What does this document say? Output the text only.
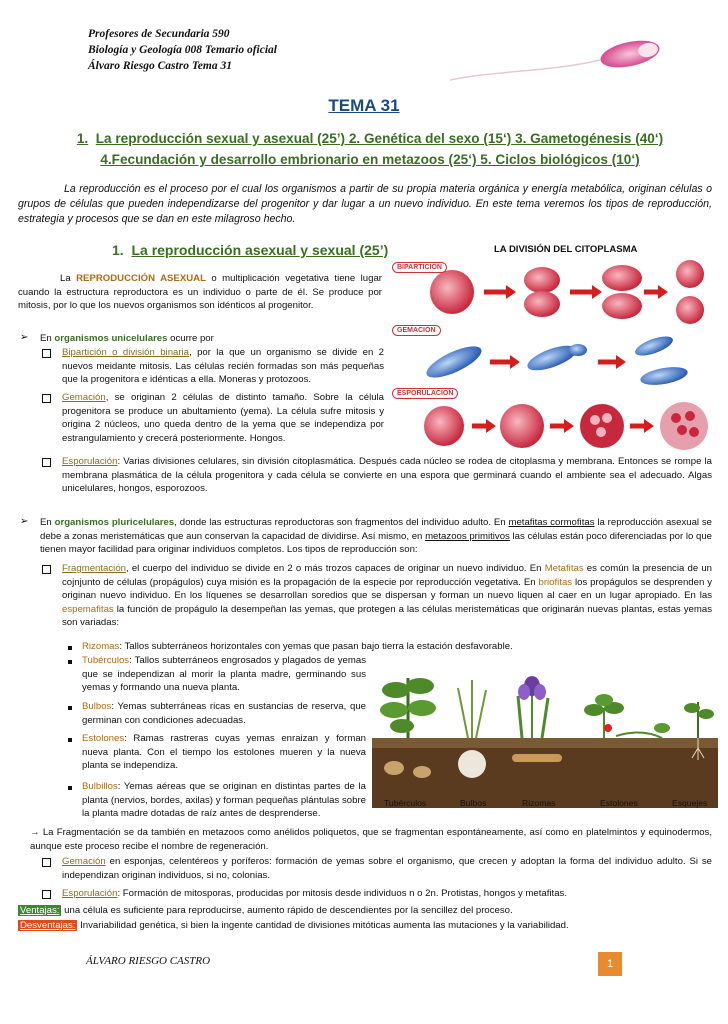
Profesores de Secundaria 590
Biología y Geología 008 Temario oficial
Álvaro Riesgo Castro Tema 31
TEMA 31
1. La reproducción sexual y asexual (25’) 2. Genética del sexo (15‘) 3. Gametogénesis (40‘)
4.Fecundación y desarrollo embrionario en metazoos (25‘) 5. Ciclos biológicos (10‘)
La reproducción es el proceso por el cual los organismos a partir de su propia materia orgánica y energía metabólica, originan células o grupos de células que pueden independizarse del progenitor y dar lugar a un nuevo individuo. En este tema veremos los tipos de reproducción, estrategia y procesos que se dan en este milagroso hecho.
1. La reproducción asexual y sexual (25’)	LA DIVISIÓN DEL CITOPLASMA
BIPARTICIÓN
GEMACIÓN
ESPORULACIÓN
La REPRODUCCIÓN ASEXUAL o multiplicación vegetativa tiene lugar cuando la estructura reproductora es un individuo o parte de él. Se produce por mitosis, por lo que los nuevos organismos son idénticos al progenitor.
➢ En organismos unicelulares ocurre por
Bipartición o división binaria, por la que un organismo se divide en 2 nuevos meidante mitosis. Las células recién formadas son más pequeñas que la progenitora e idénticas a ella. Moneras y protozoos.
Gemación, se originan 2 células de distinto tamaño. Sobre la célula progenitora se produce un abultamiento (yema). La célula sufre mitosis y origina 2 núcleos, uno queda dentro de la yema que se independiza por estrangulamiento y crecerá posteriormente. Hongos.
Esporulación: Varias divisiones celulares, sin división citoplasmática. Después cada núcleo se rodea de citoplasma y membrana. Entonces se rompe la membrana plasmática de la célula progenitora y cada célula se convierte en una espora que germinará cuando el ambiente sea el adecuado. Algas unicelulares, hongos, esporozoos.
➢ En organismos pluricelulares, donde las estructuras reproductoras son fragmentos del individuo adulto. En metafitas cormofitas la reproducción asexual se debe a zonas meristemáticas que aun conservan la capacidad de dividirse. Así mismo, en metazoos primitivos las células están poco diferenciadas por lo que tienen mayor facilidad para originar individuos completos. Los tipos de reproducción son:
Fragmentación, el cuerpo del individuo se divide en 2 o más trozos capaces de originar un nuevo individuo. En Metafitas es común la presencia de un cojnjunto de células (propágulos) cuya misión es la propagación de la especie por reproducción vegetativa. En briofitas los propágulos se desprenden y originan nuevo individuo. En los líquenes se desarrollan soredios que se dispersan y forman un nuevo liquen al caer en un lugar apropiado. En las espemafitas la función de propágulo la desempeñan las yemas, que protegen a las células meristemáticas que originarán nuevas plantas, estas yemas son variadas:
Rizomas: Tallos subterráneos horizontales con yemas que pasan bajo tierra la estación desfavorable.
Tubérculos: Tallos subterráneos engrosados y plagados de yemas que se independizan al morir la planta madre, germinando sus yemas y formando una nueva planta.
Bulbos: Yemas subterráneas ricas en sustancias de reserva, que germinan con condiciones adecuadas.
Estolones: Ramas rastreras cuyas yemas enraizan y forman nueva planta. Con el tiempo los estolones mueren y la nueva planta se independiza.
Bulbillos: Yemas aéreas que se originan en distintas partes de la planta (nervios, bordes, axilas) y forman pequeñas plántulas sobre la planta madre dotadas de raíz antes de desprenderse.
Tubérculos	Bulbos	Rizomas	Estolones	Esquejes
→ La Fragmentación se da también en metazoos como anélidos poliquetos, que se fragmentan espontáneamente, así como en platelmintos y equinodermos, aunque este proceso recibe el nombre de regeneración.
Gemación en esponjas, celentéreos y poríferos: formación de yemas sobre el organismo, que crecen y adoptan la forma del individuo adulto. Si se independizan originan individuos, si no, colonias.
Esporulación: Formación de mitosporas, producidas por mitosis desde individuos n o 2n. Protistas, hongos y metafitas.
Ventajas: una célula es suficiente para reproducirse, aumento rápido de descendientes por la sencillez del proceso.
Desventajas: Invariabilidad genética, si bien la ingente cantidad de divisiones mitóticas aumenta las mutaciones y la variabilidad.
ÁLVARO RIESGO CASTRO	1
